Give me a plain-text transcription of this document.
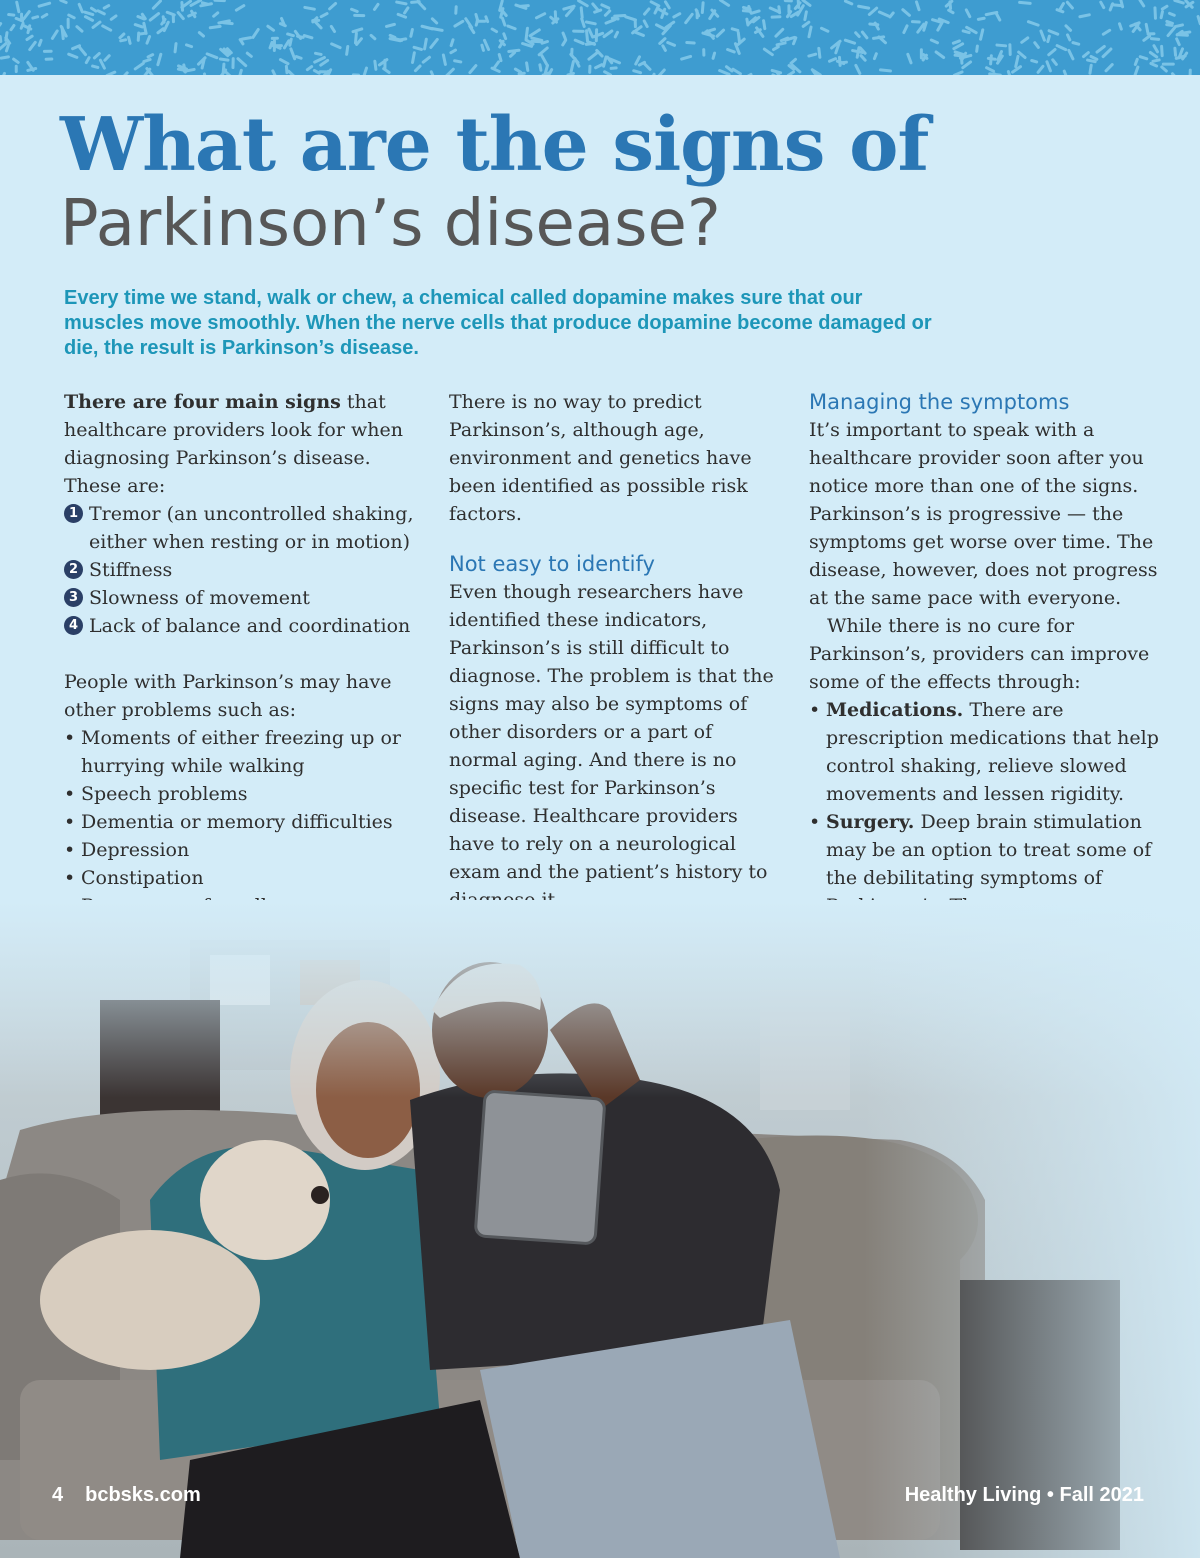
What are the signs of
Parkinson’s disease?

Every time we stand, walk or chew, a chemical called dopamine makes sure that our muscles move smoothly. When the nerve cells that produce dopamine become damaged or die, the result is Parkinson’s disease.

There are four main signs that healthcare providers look for when diagnosing Parkinson’s disease. These are:

1 Tremor (an uncontrolled shaking, either when resting or in motion)
2 Stiffness
3 Slowness of movement
4 Lack of balance and coordination

People with Parkinson’s may have other problems such as:

• Moments of either freezing up or hurrying while walking
• Speech problems
• Dementia or memory difficulties
• Depression
• Constipation

There is no way to predict Parkinson’s, although age, environment and genetics have been identified as possible risk factors.

Not easy to identify

Even though researchers have identified these indicators, Parkinson’s is still difficult to diagnose. The problem is that the signs may also be symptoms of other disorders or a part of normal aging. And there is no specific test for Parkinson’s disease. Healthcare providers have to rely on a neurological exam and the patient’s history to

Managing the symptoms

It’s important to speak with a healthcare provider soon after you notice more than one of the signs. Parkinson’s is progressive — the symptoms get worse over time. The disease, however, does not progress at the same pace with everyone.

While there is no cure for Parkinson’s, providers can improve some of the effects through:

• Medications. There are prescription medications that help control shaking, relieve slowed movements and lessen rigidity.
• Surgery. Deep brain stimulation may be an option to treat some of the debilitating symptoms of
4 bcbsks.com	Healthy Living • Fall 2021
